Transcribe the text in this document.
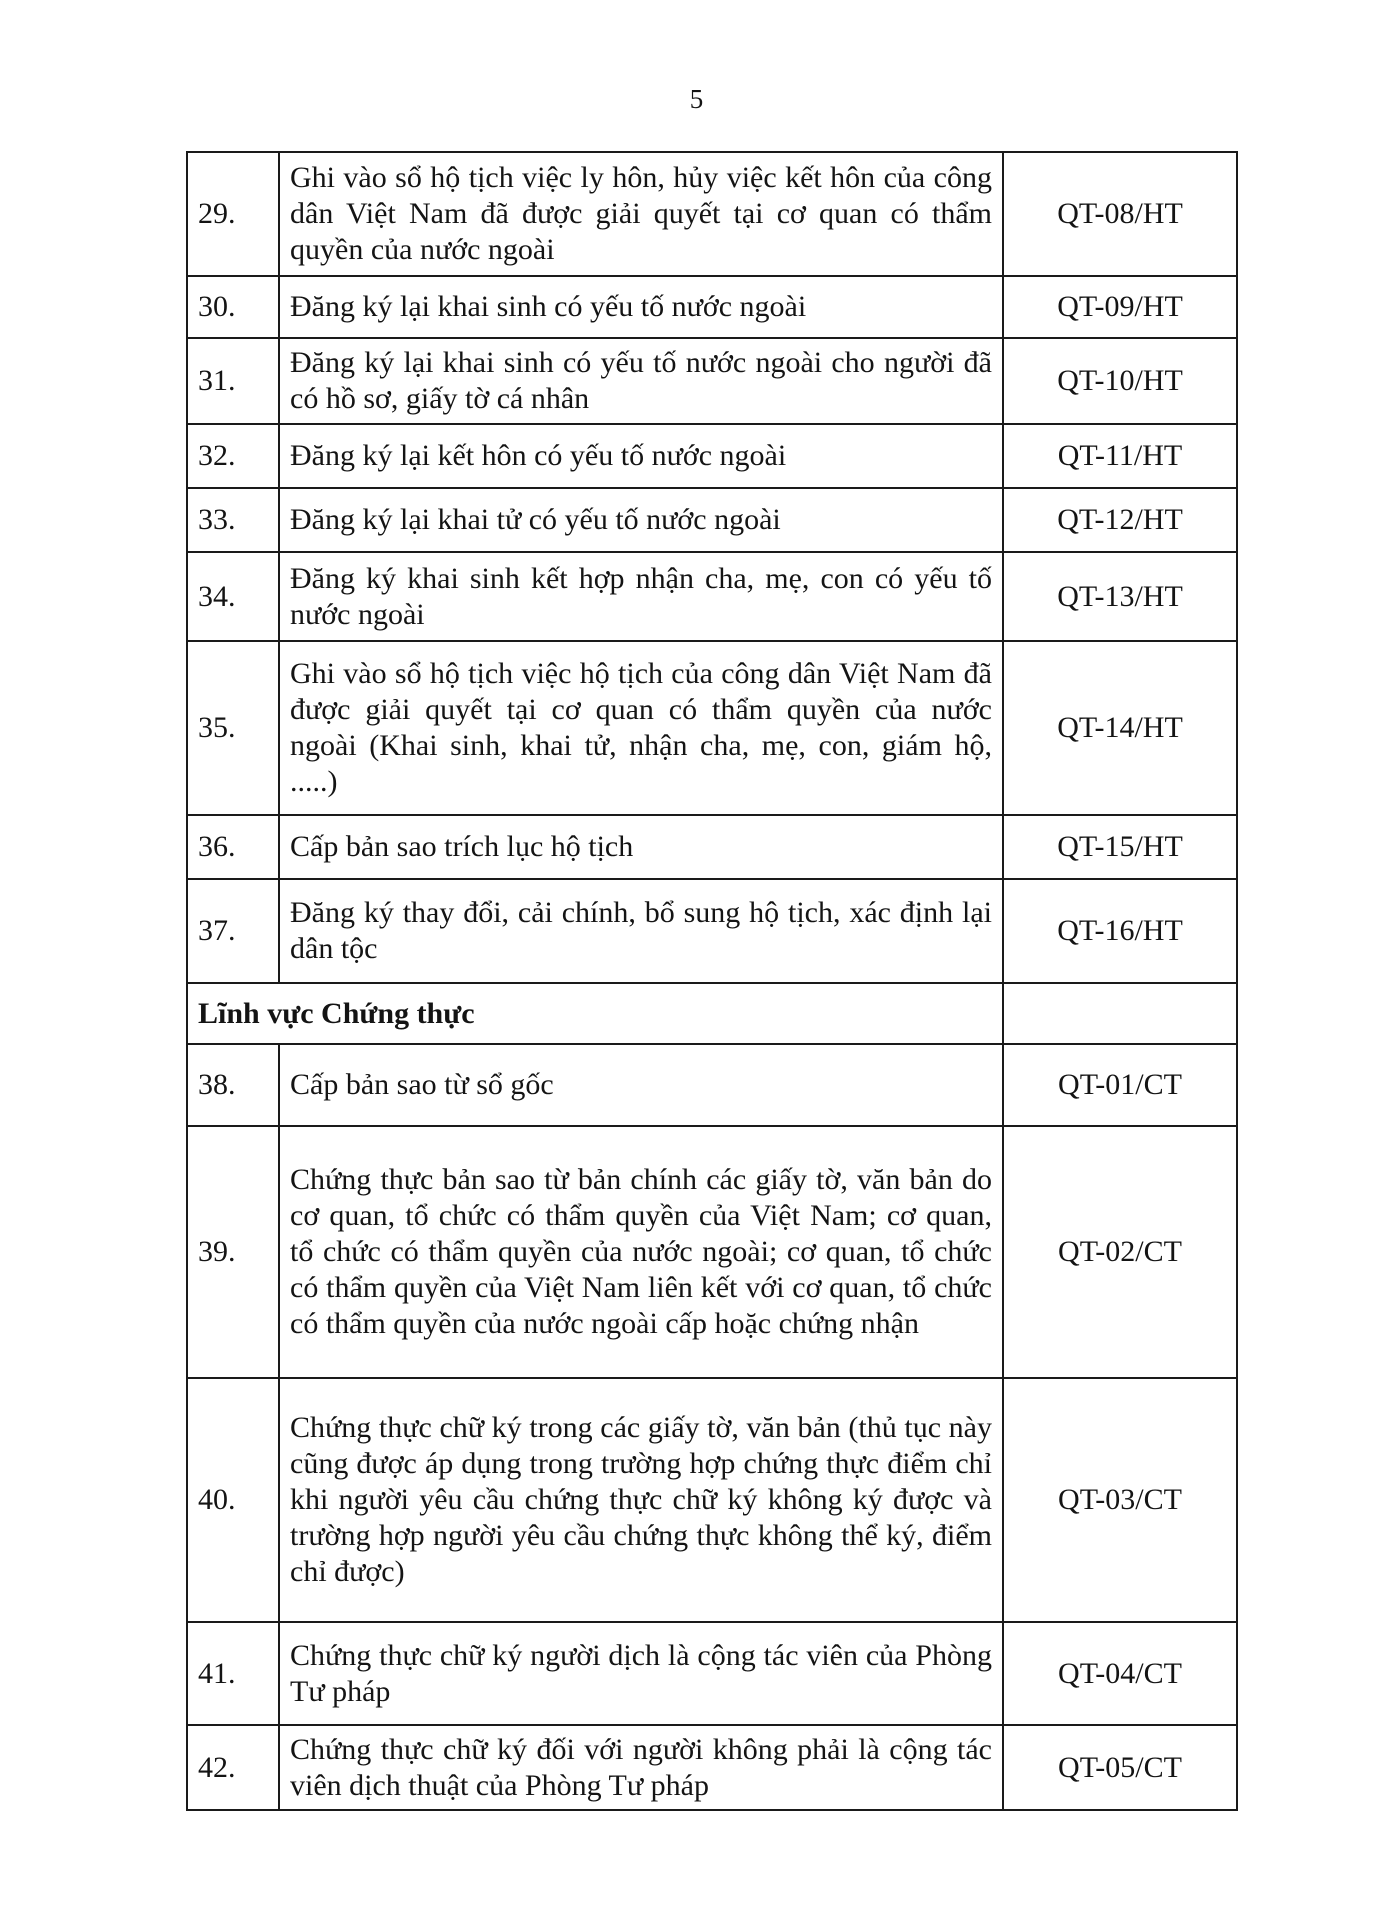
5
29.	Ghi vào sổ hộ tịch việc ly hôn, hủy việc kết hôn của công dân Việt Nam đã được giải quyết tại cơ quan có thẩm quyền của nước ngoài	QT-08/HT
30.	Đăng ký lại khai sinh có yếu tố nước ngoài	QT-09/HT
31.	Đăng ký lại khai sinh có yếu tố nước ngoài cho người đã có hồ sơ, giấy tờ cá nhân	QT-10/HT
32.	Đăng ký lại kết hôn có yếu tố nước ngoài	QT-11/HT
33.	Đăng ký lại khai tử có yếu tố nước ngoài	QT-12/HT
34.	Đăng ký khai sinh kết hợp nhận cha, mẹ, con có yếu tố nước ngoài	QT-13/HT
35.	Ghi vào sổ hộ tịch việc hộ tịch của công dân Việt Nam đã được giải quyết tại cơ quan có thẩm quyền của nước ngoài (Khai sinh, khai tử, nhận cha, mẹ, con, giám hộ, .....)	QT-14/HT
36.	Cấp bản sao trích lục hộ tịch	QT-15/HT
37.	Đăng ký thay đổi, cải chính, bổ sung hộ tịch, xác định lại dân tộc	QT-16/HT
Lĩnh vực Chứng thực		
38.	Cấp bản sao từ sổ gốc	QT-01/CT
39.	Chứng thực bản sao từ bản chính các giấy tờ, văn bản do cơ quan, tổ chức có thẩm quyền của Việt Nam; cơ quan, tổ chức có thẩm quyền của nước ngoài; cơ quan, tổ chức có thẩm quyền của Việt Nam liên kết với cơ quan, tổ chức có thẩm quyền của nước ngoài cấp hoặc chứng nhận	QT-02/CT
40.	Chứng thực chữ ký trong các giấy tờ, văn bản (thủ tục này cũng được áp dụng trong trường hợp chứng thực điểm chỉ khi người yêu cầu chứng thực chữ ký không ký được và trường hợp người yêu cầu chứng thực không thể ký, điểm chỉ được)	QT-03/CT
41.	Chứng thực chữ ký người dịch là cộng tác viên của Phòng Tư pháp	QT-04/CT
42.	Chứng thực chữ ký đối với người không phải là cộng tác viên dịch thuật của Phòng Tư pháp	QT-05/CT
